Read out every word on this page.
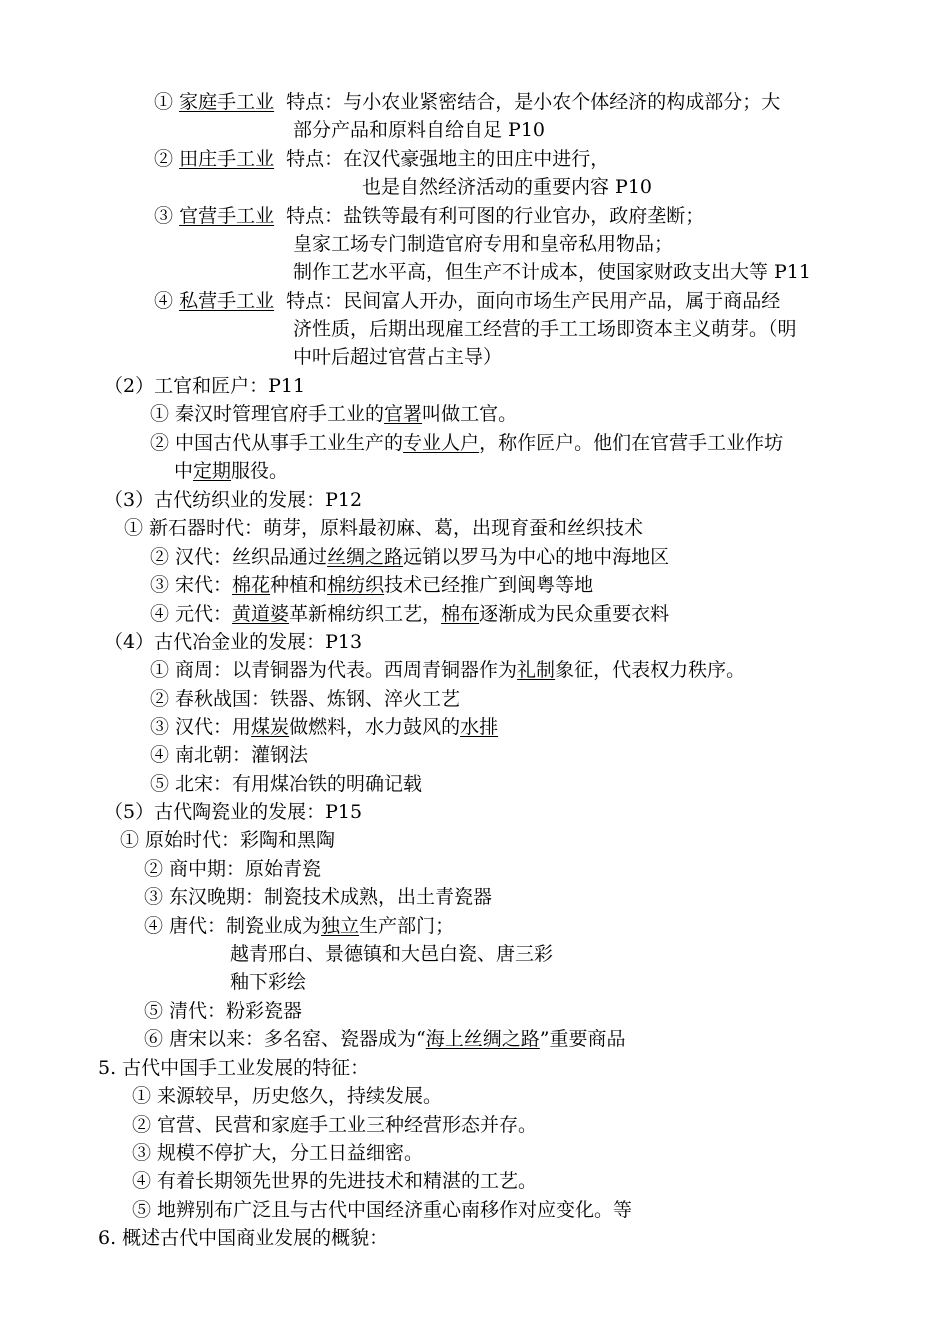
① 家庭手工业 特点：与小农业紧密结合，是小农个体经济的构成部分；大
部分产品和原料自给自足 P10
② 田庄手工业 特点：在汉代豪强地主的田庄中进行，
也是自然经济活动的重要内容 P10
③ 官营手工业 特点：盐铁等最有利可图的行业官办，政府垄断；
皇家工场专门制造官府专用和皇帝私用物品；
制作工艺水平高，但生产不计成本，使国家财政支出大等 P11
④ 私营手工业 特点：民间富人开办，面向市场生产民用产品，属于商品经
济性质，后期出现雇工经营的手工工场即资本主义萌芽。（明
中叶后超过官营占主导）
（2）工官和匠户：P11
① 秦汉时管理官府手工业的官署叫做工官。
② 中国古代从事手工业生产的专业人户，称作匠户。他们在官营手工业作坊
中定期服役。
（3）古代纺织业的发展：P12
① 新石器时代：萌芽，原料最初麻、葛，出现育蚕和丝织技术
② 汉代：丝织品通过丝绸之路远销以罗马为中心的地中海地区
③ 宋代：棉花种植和棉纺织技术已经推广到闽粤等地
④ 元代：黄道婆革新棉纺织工艺，棉布逐渐成为民众重要衣料
（4）古代冶金业的发展：P13
① 商周：以青铜器为代表。西周青铜器作为礼制象征，代表权力秩序。
② 春秋战国：铁器、炼钢、淬火工艺
③ 汉代：用煤炭做燃料，水力鼓风的水排
④ 南北朝：灌钢法
⑤ 北宋：有用煤冶铁的明确记载
（5）古代陶瓷业的发展：P15
① 原始时代：彩陶和黑陶
② 商中期：原始青瓷
③ 东汉晚期：制瓷技术成熟，出土青瓷器
④ 唐代：制瓷业成为独立生产部门；
越青邢白、景德镇和大邑白瓷、唐三彩
釉下彩绘
⑤ 清代：粉彩瓷器
⑥ 唐宋以来：多名窑、瓷器成为“海上丝绸之路”重要商品
5. 古代中国手工业发展的特征：
① 来源较早，历史悠久，持续发展。
② 官营、民营和家庭手工业三种经营形态并存。
③ 规模不停扩大，分工日益细密。
④ 有着长期领先世界的先进技术和精湛的工艺。
⑤ 地辨别布广泛且与古代中国经济重心南移作对应变化。等
6. 概述古代中国商业发展的概貌：
